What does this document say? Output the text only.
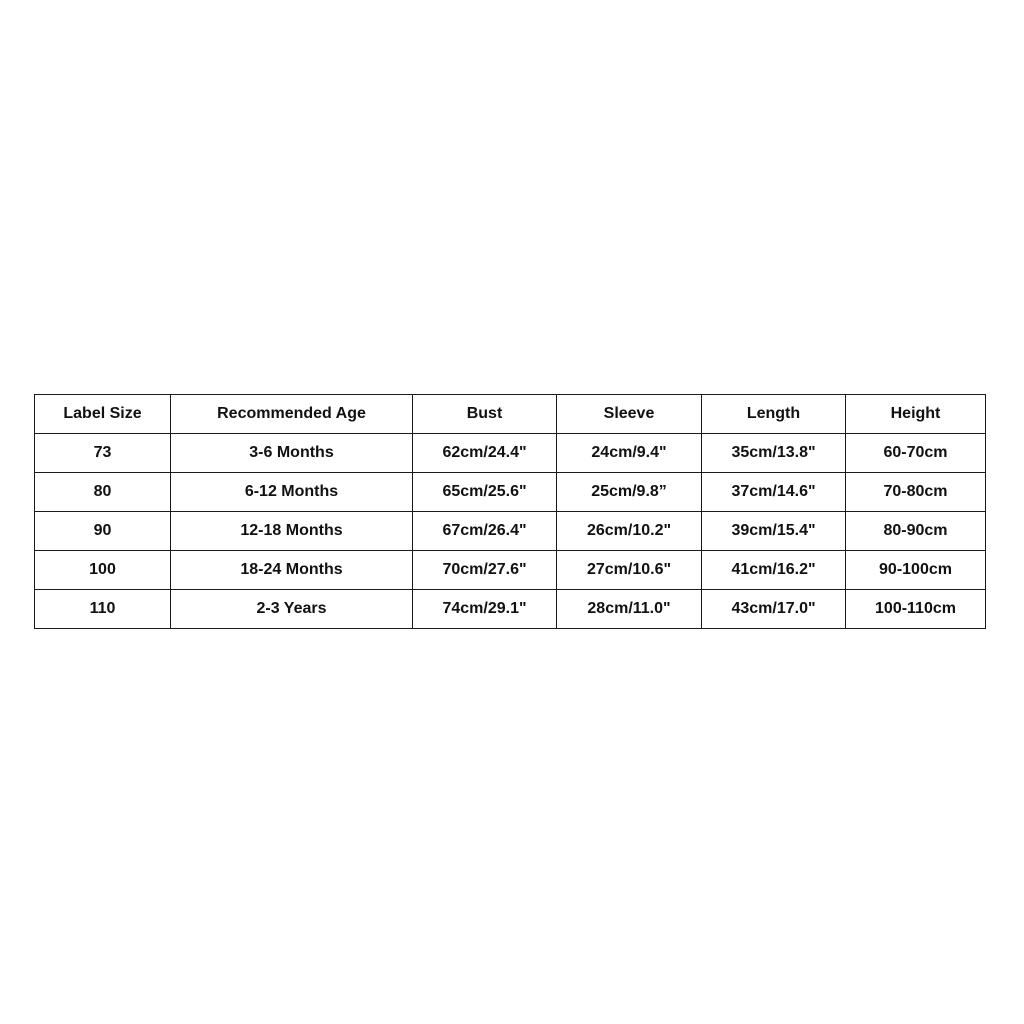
Label Size	Recommended Age	Bust	Sleeve	Length	Height
73	3-6 Months	62cm/24.4"	24cm/9.4"	35cm/13.8"	60-70cm
80	6-12 Months	65cm/25.6"	25cm/9.8”	37cm/14.6"	70-80cm
90	12-18 Months	67cm/26.4"	26cm/10.2"	39cm/15.4"	80-90cm
100	18-24 Months	70cm/27.6"	27cm/10.6"	41cm/16.2"	90-100cm
110	2-3 Years	74cm/29.1"	28cm/11.0"	43cm/17.0"	100-110cm
